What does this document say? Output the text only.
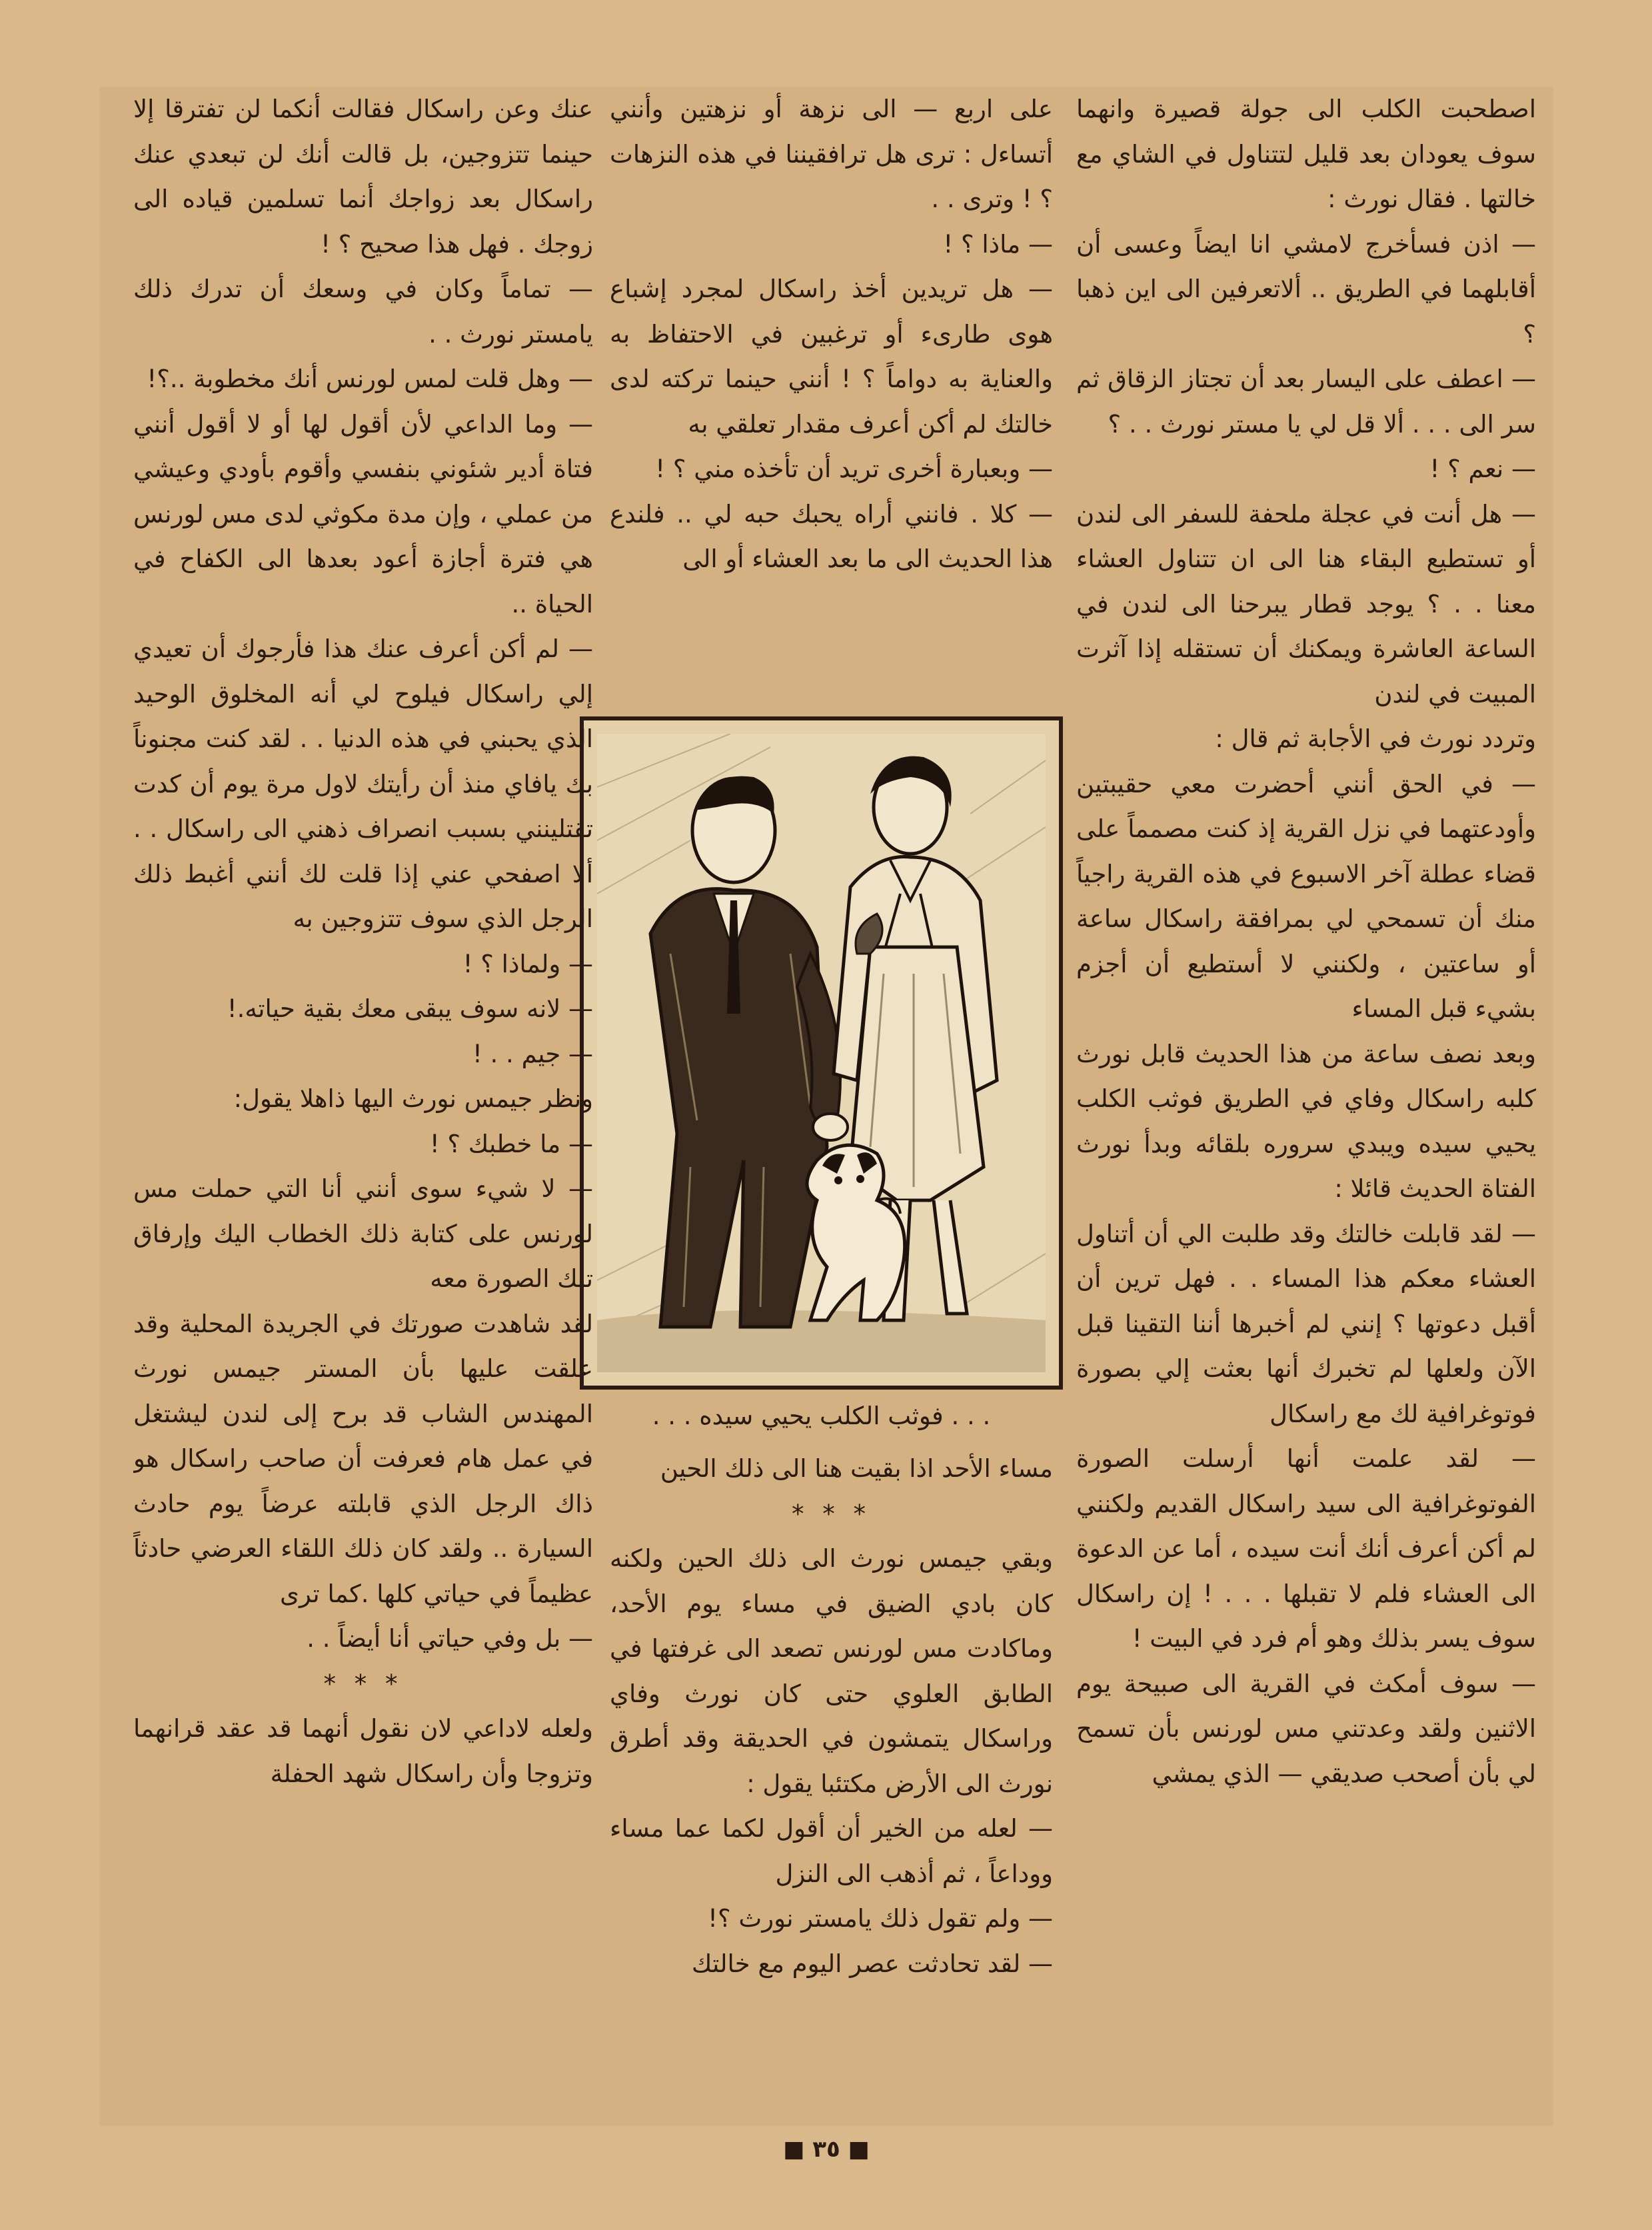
اصطحبت الكلب الى جولة قصيرة وانهما سوف يعودان بعد قليل لتتناول في الشاي مع خالتها . فقال نورث :

— اذن فسأخرج لامشي انا ايضاً وعسى أن أقابلهما في الطريق .. ألاتعرفين الى اين ذهبا ؟

— اعطف على اليسار بعد أن تجتاز الزقاق ثم سر الى . . . ألا قل لي يا مستر نورث . . ؟

— نعم ؟ !

— هل أنت في عجلة ملحفة للسفر الى لندن أو تستطيع البقاء هنا الى ان تتناول العشاء معنا . . ؟ يوجد قطار يبرحنا الى لندن في الساعة العاشرة ويمكنك أن تستقله إذا آثرت المبيت في لندن

وتردد نورث في الأجابة ثم قال :

— في الحق أنني أحضرت معي حقيبتين وأودعتهما في نزل القرية إذ كنت مصمماً على قضاء عطلة آخر الاسبوع في هذه القرية راجياً منك أن تسمحي لي بمرافقة راسكال ساعة أو ساعتين ، ولكنني لا أستطيع أن أجزم بشيء قبل المساء

وبعد نصف ساعة من هذا الحديث قابل نورث كلبه راسكال وفاي في الطريق فوثب الكلب يحيي سيده ويبدي سروره بلقائه وبدأ نورث الفتاة الحديث قائلا :

— لقد قابلت خالتك وقد طلبت الي أن أتناول العشاء معكم هذا المساء . . فهل ترين أن أقبل دعوتها ؟ إنني لم أخبرها أننا التقينا قبل الآن ولعلها لم تخبرك أنها بعثت إلي بصورة فوتوغرافية لك مع راسكال

— لقد علمت أنها أرسلت الصورة الفوتوغرافية الى سيد راسكال القديم ولكنني لم أكن أعرف أنك أنت سيده ، أما عن الدعوة الى العشاء فلم لا تقبلها . . . ! إن راسكال سوف يسر بذلك وهو أم فرد في البيت !

— سوف أمكث في القرية الى صبيحة يوم الاثنين ولقد وعدتني مس لورنس بأن تسمح لي بأن أصحب صديقي — الذي يمشي

على اربع — الى نزهة أو نزهتين وأنني أتساءل : ترى هل ترافقيننا في هذه النزهات ؟ ! وترى . .

— ماذا ؟ !

— هل تريدين أخذ راسكال لمجرد إشباع هوى طارىء أو ترغبين في الاحتفاظ به والعناية به دواماً ؟ ! أنني حينما تركته لدى خالتك لم أكن أعرف مقدار تعلقي به

— وبعبارة أخرى تريد أن تأخذه مني ؟ !

— كلا . فانني أراه يحبك حبه لي .. فلندع هذا الحديث الى ما بعد العشاء أو الى

. . . فوثب الكلب يحيي سيده . . .

مساء الأحد اذا بقيت هنا الى ذلك الحين

* * *

وبقي جيمس نورث الى ذلك الحين ولكنه كان بادي الضيق في مساء يوم الأحد، وماكادت مس لورنس تصعد الى غرفتها في الطابق العلوي حتى كان نورث وفاي وراسكال يتمشون في الحديقة وقد أطرق نورث الى الأرض مكتئبا يقول :

— لعله من الخير أن أقول لكما عما مساء ووداعاً ، ثم أذهب الى النزل

— ولم تقول ذلك يامستر نورث ؟!

— لقد تحادثت عصر اليوم مع خالتك

عنك وعن راسكال فقالت أنكما لن تفترقا إلا حينما تتزوجين، بل قالت أنك لن تبعدي عنك راسكال بعد زواجك أنما تسلمين قياده الى زوجك . فهل هذا صحيح ؟ !

— تماماً وكان في وسعك أن تدرك ذلك يامستر نورث . .

— وهل قلت لمس لورنس أنك مخطوبة ..؟!

— وما الداعي لأن أقول لها أو لا أقول أنني فتاة أدير شئوني بنفسي وأقوم بأودي وعيشي من عملي ، وإن مدة مكوثي لدى مس لورنس هي فترة أجازة أعود بعدها الى الكفاح في الحياة ..

— لم أكن أعرف عنك هذا فأرجوك أن تعيدي إلي راسكال فيلوح لي أنه المخلوق الوحيد الذي يحبني في هذه الدنيا . . لقد كنت مجنوناً بك يافاي منذ أن رأيتك لاول مرة يوم أن كدت تقتلينني بسبب انصراف ذهني الى راسكال . . ألا اصفحي عني إذا قلت لك أنني أغبط ذلك الرجل الذي سوف تتزوجين به

— ولماذا ؟ !

— لانه سوف يبقى معك بقية حياته.!

— جيم . . !

ونظر جيمس نورث اليها ذاهلا يقول:

— ما خطبك ؟ !

— لا شيء سوى أنني أنا التي حملت مس لورنس على كتابة ذلك الخطاب اليك وإرفاق تلك الصورة معه

لقد شاهدت صورتك في الجريدة المحلية وقد علقت عليها بأن المستر جيمس نورث المهندس الشاب قد برح إلى لندن ليشتغل في عمل هام فعرفت أن صاحب راسكال هو ذاك الرجل الذي قابلته عرضاً يوم حادث السيارة .. ولقد كان ذلك اللقاء العرضي حادثاً عظيماً في حياتي كلها .كما ترى

— بل وفي حياتي أنا أيضاً . .

* * *

ولعله لاداعي لان نقول أنهما قد عقد قرانهما وتزوجا وأن راسكال شهد الحفلة

■ ٣٥ ■
